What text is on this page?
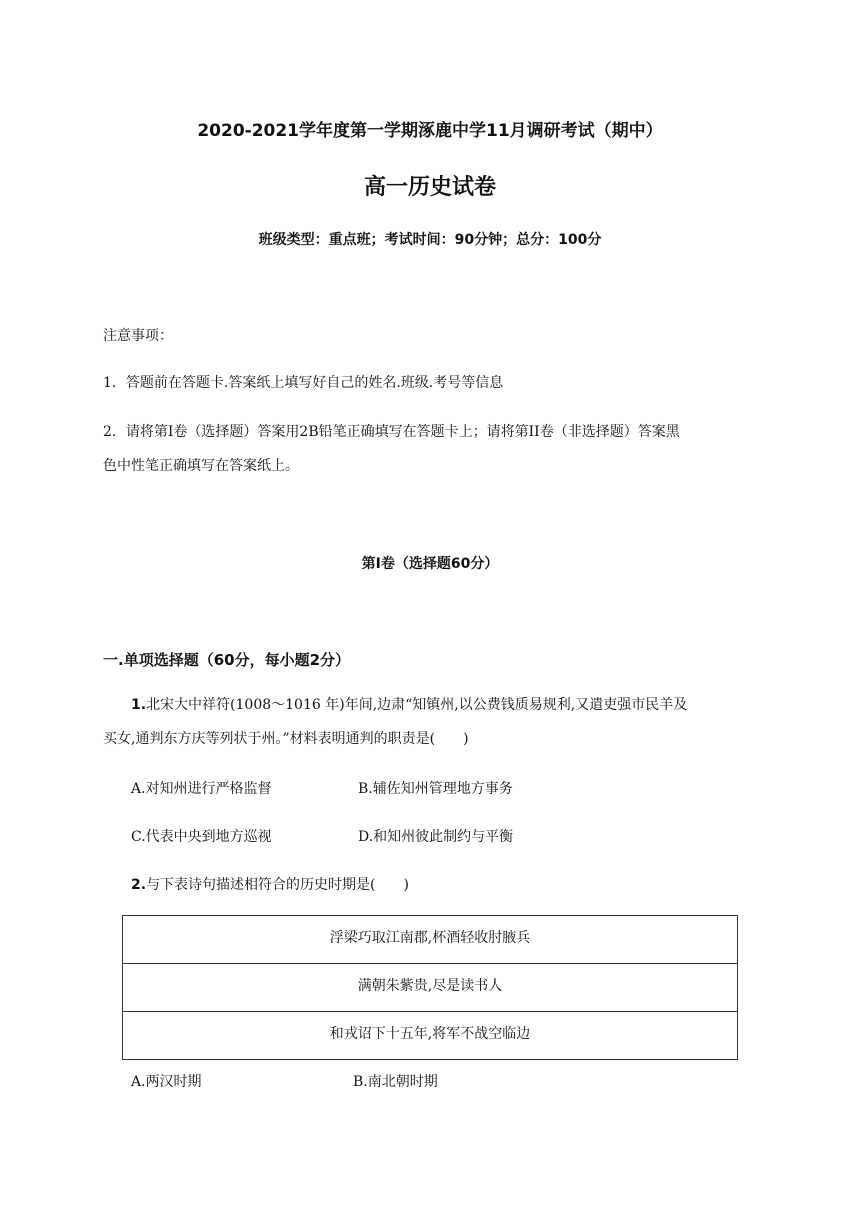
2020-2021学年度第一学期涿鹿中学11月调研考试（期中）
高一历史试卷
班级类型：重点班；考试时间：90分钟；总分：100分
注意事项：
1．答题前在答题卡.答案纸上填写好自己的姓名.班级.考号等信息
2．请将第Ⅰ卷（选择题）答案用2B铅笔正确填写在答题卡上；请将第II卷（非选择题）答案黑
色中性笔正确填写在答案纸上。
第Ⅰ卷（选择题60分）
一.单项选择题（60分，每小题2分）
1.北宋大中祥符(1008～1016 年)年间,边肃“知镇州,以公费钱质易规利,又遣吏强市民羊及
买女,通判东方庆等列状于州。”材料表明通判的职责是(　　)
A.对知州进行严格监督	B.辅佐知州管理地方事务
C.代表中央到地方巡视	D.和知州彼此制约与平衡
2.与下表诗句描述相符合的历史时期是(　　)
浮梁巧取江南郡,杯酒轻收肘腋兵
满朝朱紫贵,尽是读书人
和戎诏下十五年,将军不战空临边
A.两汉时期	B.南北朝时期
